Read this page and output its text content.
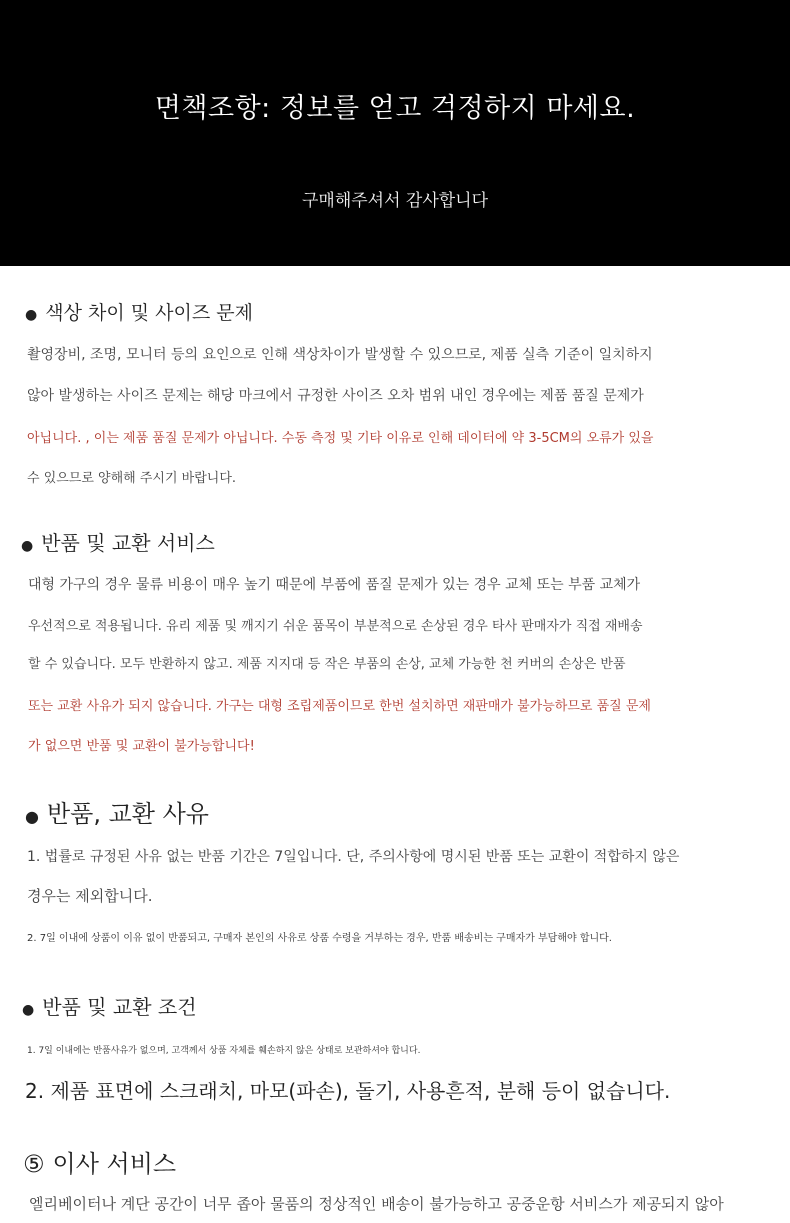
면책조항: 정보를 얻고 걱정하지 마세요.
구매해주셔서 감사합니다
● 색상 차이 및 사이즈 문제
촬영장비, 조명, 모니터 등의 요인으로 인해 색상차이가 발생할 수 있으므로, 제품 실측 기준이 일치하지
않아 발생하는 사이즈 문제는 해당 마크에서 규정한 사이즈 오차 범위 내인 경우에는 제품 품질 문제가
아닙니다. , 이는 제품 품질 문제가 아닙니다. 수동 측정 및 기타 이유로 인해 데이터에 약 3-5CM의 오류가 있을
수 있으므로 양해해 주시기 바랍니다.
● 반품 및 교환 서비스
대형 가구의 경우 물류 비용이 매우 높기 때문에 부품에 품질 문제가 있는 경우 교체 또는 부품 교체가
우선적으로 적용됩니다. 유리 제품 및 깨지기 쉬운 품목이 부분적으로 손상된 경우 타사 판매자가 직접 재배송
할 수 있습니다. 모두 반환하지 않고. 제품 지지대 등 작은 부품의 손상, 교체 가능한 천 커버의 손상은 반품
또는 교환 사유가 되지 않습니다. 가구는 대형 조립제품이므로 한번 설치하면 재판매가 불가능하므로 품질 문제
가 없으면 반품 및 교환이 불가능합니다!
● 반품, 교환 사유
1. 법률로 규정된 사유 없는 반품 기간은 7일입니다. 단, 주의사항에 명시된 반품 또는 교환이 적합하지 않은
경우는 제외합니다.
2. 7일 이내에 상품이 이유 없이 반품되고, 구매자 본인의 사유로 상품 수령을 거부하는 경우, 반품 배송비는 구매자가 부담해야 합니다.
● 반품 및 교환 조건
1. 7일 이내에는 반품사유가 없으며, 고객께서 상품 자체를 훼손하지 않은 상태로 보관하셔야 합니다.
2. 제품 표면에 스크래치, 마모(파손), 돌기, 사용흔적, 분해 등이 없습니다.
⑤ 이사 서비스
엘리베이터나 계단 공간이 너무 좁아 물품의 정상적인 배송이 불가능하고 공중운항 서비스가 제공되지 않아
